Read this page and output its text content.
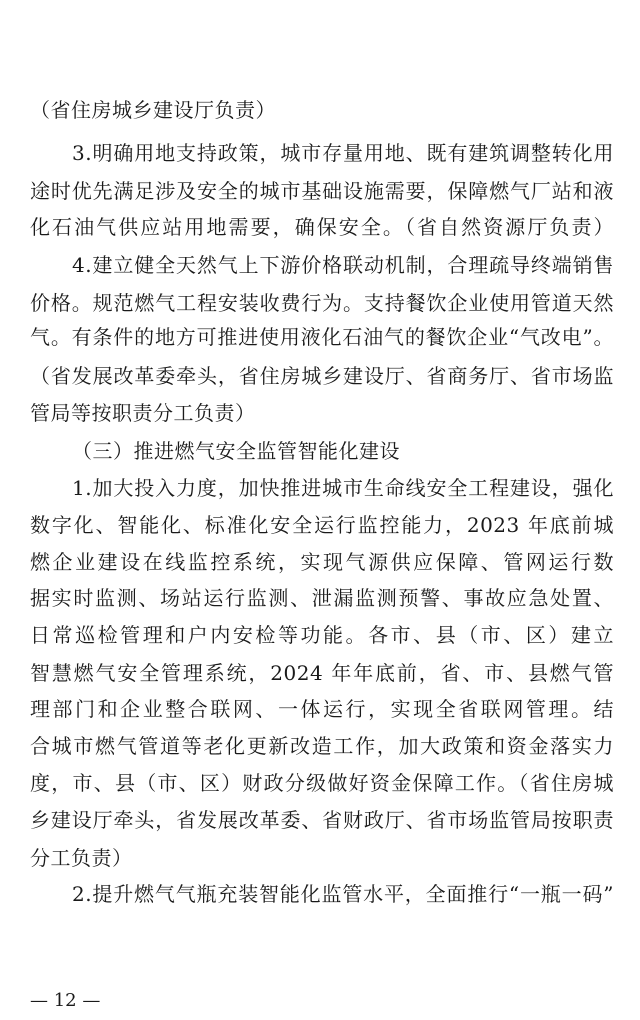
（省住房城乡建设厅负责）
3.明确用地支持政策，城市存量用地、既有建筑调整转化用
途时优先满足涉及安全的城市基础设施需要，保障燃气厂站和液
化石油气供应站用地需要，确保安全。（省自然资源厅负责）
4.建立健全天然气上下游价格联动机制，合理疏导终端销售
价格。规范燃气工程安装收费行为。支持餐饮企业使用管道天然
气。有条件的地方可推进使用液化石油气的餐饮企业“气改电”。
（省发展改革委牵头，省住房城乡建设厅、省商务厅、省市场监
管局等按职责分工负责）
（三）推进燃气安全监管智能化建设
1.加大投入力度，加快推进城市生命线安全工程建设，强化
数字化、智能化、标准化安全运行监控能力，2023 年底前城
燃企业建设在线监控系统，实现气源供应保障、管网运行数
据实时监测、场站运行监测、泄漏监测预警、事故应急处置、
日常巡检管理和户内安检等功能。各市、县（市、区）建立
智慧燃气安全管理系统，2024 年年底前，省、市、县燃气管
理部门和企业整合联网、一体运行，实现全省联网管理。结
合城市燃气管道等老化更新改造工作，加大政策和资金落实力
度，市、县（市、区）财政分级做好资金保障工作。（省住房城
乡建设厅牵头，省发展改革委、省财政厅、省市场监管局按职责
分工负责）
2.提升燃气气瓶充装智能化监管水平，全面推行“一瓶一码”
— 12 —
